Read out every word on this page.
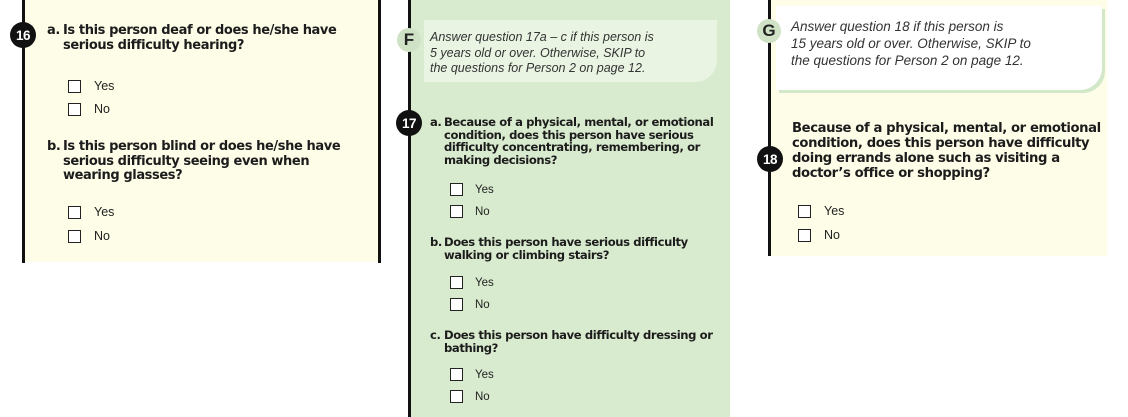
16	a. Is this person deaf or does he/she have serious difficulty hearing?
Yes
No
b. Is this person blind or does he/she have serious difficulty seeing even when wearing glasses?
Yes
No
F	Answer question 17a – c if this person is
5 years old or over. Otherwise, SKIP to
the questions for Person 2 on page 12.
17	a. Because of a physical, mental, or emotional condition, does this person have serious difficulty concentrating, remembering, or making decisions?
Yes
No
b. Does this person have serious difficulty walking or climbing stairs?
Yes
No
c. Does this person have difficulty dressing or bathing?
Yes
No
G	Answer question 18 if this person is
15 years old or over. Otherwise, SKIP to
the questions for Person 2 on page 12.
18
Because of a physical, mental, or emotional condition, does this person have difficulty doing errands alone such as visiting a doctor’s office or shopping?
Yes
No
